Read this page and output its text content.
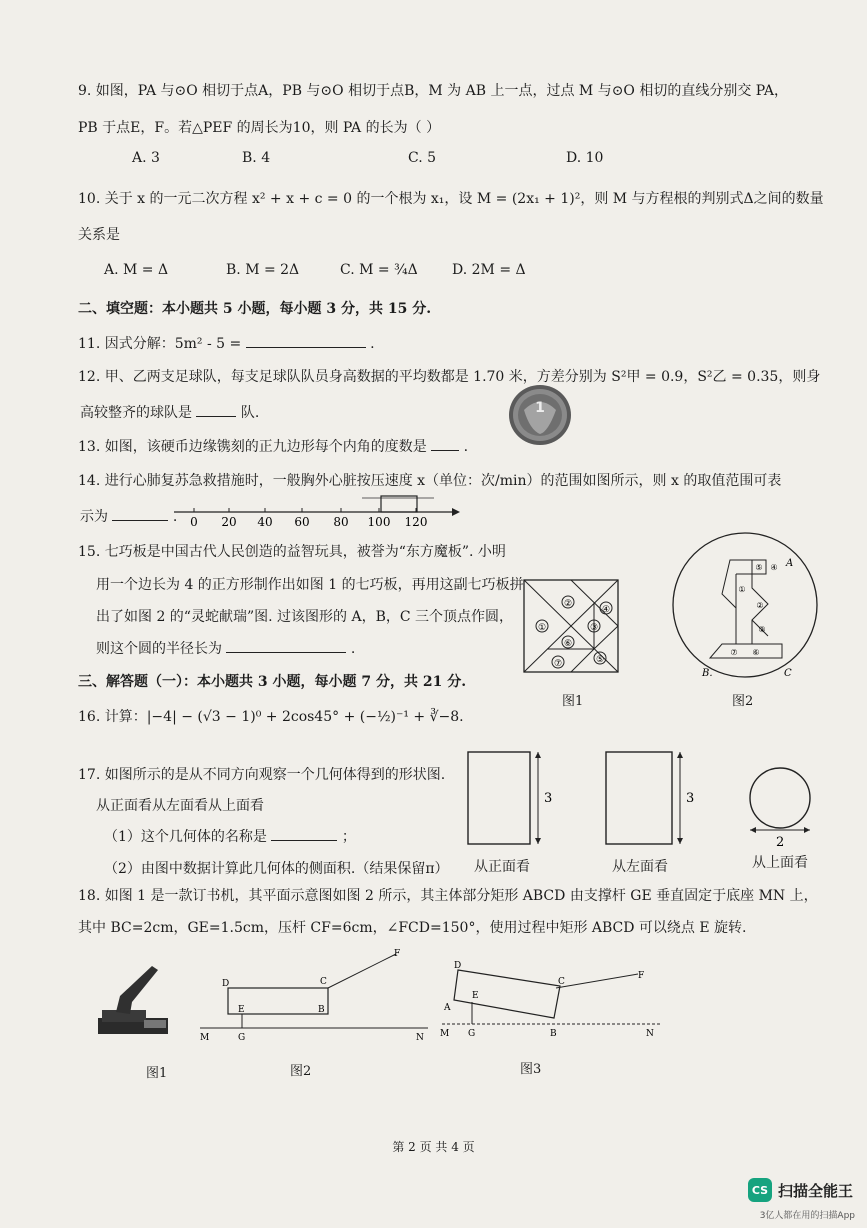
9. 如图，PA 与⊙O 相切于点A，PB 与⊙O 相切于点B，M 为 AB 上一点，过点 M 与⊙O 相切的直线分别交 PA，
PB 于点E，F。若△PEF 的周长为10，则 PA 的长为（ ）
A. 3	B. 4	C. 5	D. 10
10. 关于 x 的一元二次方程 x² + x + c = 0 的一个根为 x₁，设 M = (2x₁ + 1)²，则 M 与方程根的判别式Δ之间的数量
关系是
A. M = Δ	B. M = 2Δ	C. M = ¾Δ D. 2M = Δ
二、填空题：本小题共 5 小题，每小题 3 分，共 15 分.
11. 因式分解：5m² - 5 =	.
12. 甲、乙两支足球队，每支足球队队员身高数据的平均数都是 1.70 米，方差分别为 S²甲 = 0.9，S²乙 = 0.35，则身
高较整齐的球队是	队.	1
13. 如图，该硬币边缘镌刻的正九边形每个内角的度数是	.
14. 进行心肺复苏急救措施时，一般胸外心脏按压速度 x（单位：次/min）的范围如图所示，则 x 的取值范围可表
示为	. 0 20 40 60 80 100 120
15. 七巧板是中国古代人民创造的益智玩具，被誉为“东方魔板”. 小明
用一个边长为 4 的正方形制作出如图 1 的七巧板，再用这副七巧板拼
出了如图 2 的“灵蛇献瑞”图. 过该图形的 A，B，C 三个顶点作圆，
则这个圆的半径长为	.
①
②
③
④
⑤
⑥
⑦
图1
⑤ ④
①
②
③
⑦ ⑥
A
B.	C
图2
三、解答题（一）：本小题共 3 小题，每小题 7 分，共 21 分.
16. 计算：|−4| − (√3 − 1)⁰ + 2cos45° + (−½)⁻¹ + ∛−8.
17. 如图所示的是从不同方向观察一个几何体得到的形状图.
从正面看从左面看从上面看
（1）这个几何体的名称是	；
（2）由图中数据计算此几何体的侧面积.（结果保留π）
3
从正面看
3
从左面看
2
从上面看
18. 如图 1 是一款订书机，其平面示意图如图 2 所示，其主体部分矩形 ABCD 由支撑杆 GE 垂直固定于底座 MN 上，
其中 BC=2cm，GE=1.5cm，压杆 CF=6cm，∠FCD=150°，使用过程中矩形 ABCD 可以绕点 E 旋转.
图1
D	C
F
E	B
M	G	N
图2
D
C
F
E
A
B
M G	N
图3
第 2 页 共 4 页
CS 扫描全能王
3亿人都在用的扫描App
